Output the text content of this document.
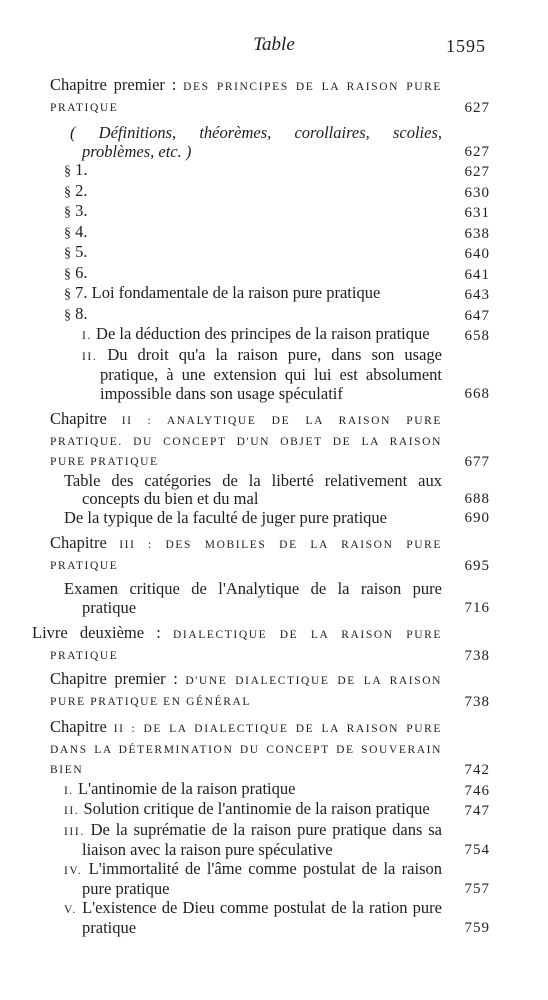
Table	1595
Chapitre premier : DES PRINCIPES DE LA RAISON PURE PRATIQUE	627
( Définitions, théorèmes, corollaires, scolies, problèmes, etc. )	627
§ 1.	627
§ 2.	630
§ 3.	631
§ 4.	638
§ 5.	640
§ 6.	641
§ 7. Loi fondamentale de la raison pure pratique	643
§ 8.	647
I. De la déduction des principes de la raison pratique	658
II. Du droit qu'a la raison pure, dans son usage pratique, à une extension qui lui est absolument impossible dans son usage spéculatif	668
Chapitre II : ANALYTIQUE DE LA RAISON PURE PRATIQUE. DU CONCEPT D'UN OBJET DE LA RAISON PURE PRATIQUE	677
Table des catégories de la liberté relativement aux concepts du bien et du mal	688
De la typique de la faculté de juger pure pratique	690
Chapitre III : DES MOBILES DE LA RAISON PURE PRATIQUE	695
Examen critique de l'Analytique de la raison pure pratique	716
Livre deuxième : DIALECTIQUE DE LA RAISON PURE PRATIQUE	738
Chapitre premier : D'UNE DIALECTIQUE DE LA RAISON PURE PRATIQUE EN GÉNÉRAL	738
Chapitre II : DE LA DIALECTIQUE DE LA RAISON PURE DANS LA DÉTERMINATION DU CONCEPT DE SOUVERAIN BIEN	742
I. L'antinomie de la raison pratique	746
II. Solution critique de l'antinomie de la raison pratique	747
III. De la suprématie de la raison pure pratique dans sa liaison avec la raison pure spéculative	754
IV. L'immortalité de l'âme comme postulat de la raison pure pratique	757
V. L'existence de Dieu comme postulat de la ration pure pratique	759
